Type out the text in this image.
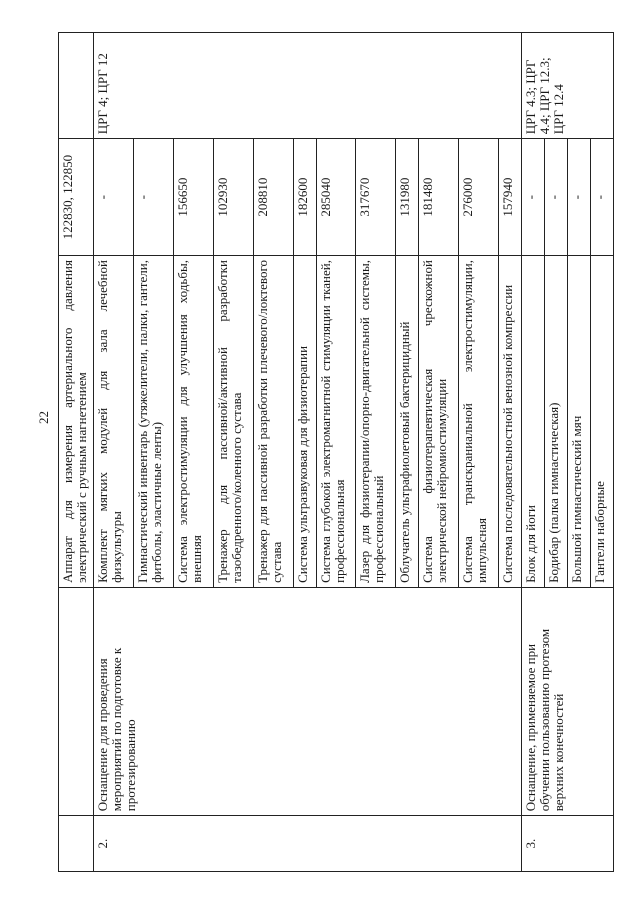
22
		Аппарат для измерения артериального давления электрический с ручным нагнетением	122830, 122850	
2.	Оснащение для проведения мероприятий по подготовке к протезированию	Комплект мягких модулей для зала лечебной физкультуры	-	ЦРГ 4; ЦРГ 12
		Гимнастический инвентарь (утяжелители, палки, гантели, фитболы, эластичные ленты)	-	
		Система электростимуляции для улучшения ходьбы, внешняя	156650	
		Тренажер для пассивной/активной разработки тазобедренного/коленного сустава	102930	
		Тренажер для пассивной разработки плечевого/локтевого сустава	208810	
		Система ультразвуковая для физиотерапии	182600	
		Система глубокой электромагнитной стимуляции тканей, профессиональная	285040	
		Лазер для физиотерапии/опорно-двигательной системы, профессиональный	317670	
		Облучатель ультрафиолетовый бактерицидный	131980	
		Система физиотерапевтическая чрескожной электрической нейромиостимуляции	181480	
		Система транскраниальной электростимуляции, импульсная	276000	
		Система последовательностной венозной компрессии	157940	
3.	Оснащение, применяемое при обучении пользованию протезом верхних конечностей	Блок для йоги	-	ЦРГ 4.3; ЦРГ 4.4; ЦРГ 12.3; ЦРГ 12.4
		Бодибар (палка гимнастическая)	-	
		Большой гимнастический мяч	-	
		Гантели наборные	-	
